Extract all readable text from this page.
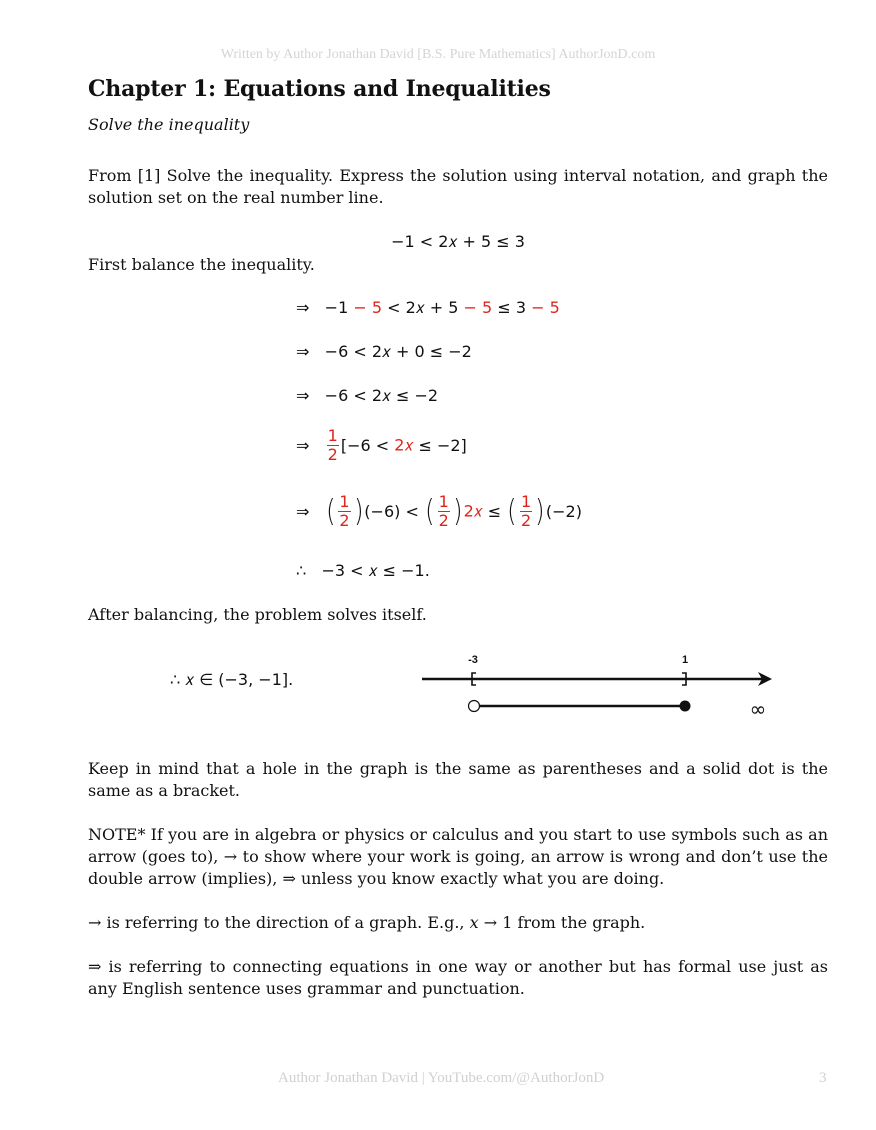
Written by Author Jonathan David [B.S. Pure Mathematics] AuthorJonD.com
Chapter 1: Equations and Inequalities
Solve the inequality
From [1] Solve the inequality. Express the solution using interval notation, and graph the solution set on the real number line.
−1 < 2𝑥 + 5 ≤ 3
First balance the inequality.
⇒ −1 − 5 < 2𝑥 + 5 − 5 ≤ 3 − 5
⇒ −6 < 2𝑥 + 0 ≤ −2
⇒ −6 < 2𝑥 ≤ −2
⇒ $\frac{1}{2} [-6$ < 2𝑥 ≤ −2]
⇒ ( $\frac{1}{2} )(-6)$ < ( $\frac{1}{2}$ )2𝑥 ≤ ( $\frac{1}{2} )(-2)$
∴ −3 < 𝑥 ≤ −1.
After balancing, the problem solves itself.
∴ 𝑥 ∈ (−3, −1].
-3	1
∞
Keep in mind that a hole in the graph is the same as parentheses and a solid dot is the same as a bracket.
NOTE* If you are in algebra or physics or calculus and you start to use symbols such as an arrow (goes to), → to show where your work is going, an arrow is wrong and don’t use the double arrow (implies), ⇒ unless you know exactly what you are doing.
→ is referring to the direction of a graph. E.g., 𝑥 → 1 from the graph.
⇒ is referring to connecting equations in one way or another but has formal use just as any English sentence uses grammar and punctuation.
Author Jonathan David | YouTube.com/@AuthorJonD	3
